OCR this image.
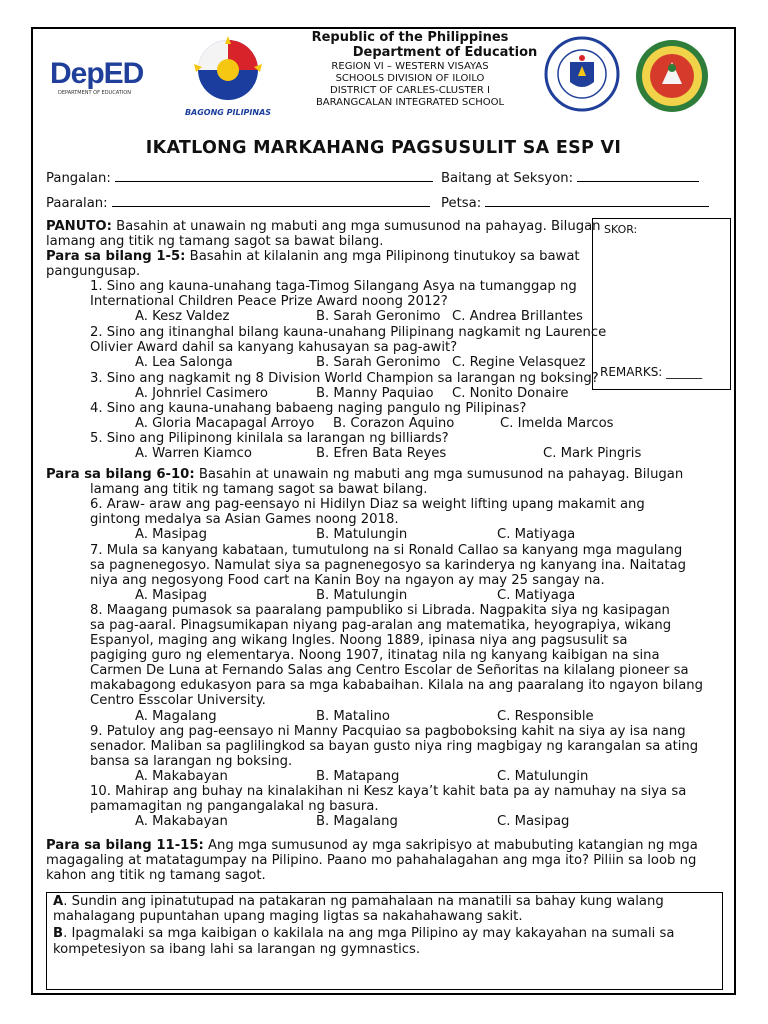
DepED
DEPARTMENT OF EDUCATION
BAGONG PILIPINAS
Republic of the Philippines
Department of Education
REGION VI – WESTERN VISAYAS
SCHOOLS DIVISION OF ILOILO
DISTRICT OF CARLES-CLUSTER I
BARANGCALAN INTEGRATED SCHOOL
IKATLONG MARKAHANG PAGSUSULIT SA ESP VI
Pangalan:	Baitang at Seksyon:
Paaralan:	Petsa:
SKOR:
REMARKS: ______
PANUTO: Basahin at unawain ng mabuti ang mga sumusunod na pahayag. Bilugan
lamang ang titik ng tamang sagot sa bawat bilang.
Para sa bilang 1-5: Basahin at kilalanin ang mga Pilipinong tinutukoy sa bawat
pangungusap.
1. Sino ang kauna-unahang taga-Timog Silangang Asya na tumanggap ng
International Children Peace Prize Award noong 2012?
A. Kesz Valdez	B. Sarah Geronimo C. Andrea Brillantes
2. Sino ang itinanghal bilang kauna-unahang Pilipinang nagkamit ng Laurence
Olivier Award dahil sa kanyang kahusayan sa pag-awit?
A. Lea Salonga	B. Sarah Geronimo C. Regine Velasquez
3. Sino ang nagkamit ng 8 Division World Champion sa larangan ng boksing?
A. Johnriel Casimero	B. Manny Paquiao C. Nonito Donaire
4. Sino ang kauna-unahang babaeng naging pangulo ng Pilipinas?
A. Gloria Macapagal Arroyo B. Corazon Aquino	C. Imelda Marcos
5. Sino ang Pilipinong kinilala sa larangan ng billiards?
A. Warren Kiamco	B. Efren Bata Reyes	C. Mark Pingris
Para sa bilang 6-10: Basahin at unawain ng mabuti ang mga sumusunod na pahayag. Bilugan
lamang ang titik ng tamang sagot sa bawat bilang.
6. Araw- araw ang pag-eensayo ni Hidilyn Diaz sa weight lifting upang makamit ang
gintong medalya sa Asian Games noong 2018.
A. Masipag	B. Matulungin	C. Matiyaga
7. Mula sa kanyang kabataan, tumutulong na si Ronald Callao sa kanyang mga magulang
sa pagnenegosyo. Namulat siya sa pagnenegosyo sa karinderya ng kanyang ina. Naitatag
niya ang negosyong Food cart na Kanin Boy na ngayon ay may 25 sangay na.
A. Masipag	B. Matulungin	C. Matiyaga
8. Maagang pumasok sa paaralang pampubliko si Librada. Nagpakita siya ng kasipagan
sa pag-aaral. Pinagsumikapan niyang pag-aralan ang matematika, heyograpiya, wikang
Espanyol, maging ang wikang Ingles. Noong 1889, ipinasa niya ang pagsusulit sa
pagiging guro ng elementarya. Noong 1907, itinatag nila ng kanyang kaibigan na sina
Carmen De Luna at Fernando Salas ang Centro Escolar de Señoritas na kilalang pioneer sa
makabagong edukasyon para sa mga kababaihan. Kilala na ang paaralang ito ngayon bilang
Centro Esscolar University.
A. Magalang	B. Matalino	C. Responsible
9. Patuloy ang pag-eensayo ni Manny Pacquiao sa pagboboksing kahit na siya ay isa nang
senador. Maliban sa paglilingkod sa bayan gusto niya ring magbigay ng karangalan sa ating
bansa sa larangan ng boksing.
A. Makabayan	B. Matapang	C. Matulungin
10. Mahirap ang buhay na kinalakihan ni Kesz kaya’t kahit bata pa ay namuhay na siya sa
pamamagitan ng pangangalakal ng basura.
A. Makabayan	B. Magalang	C. Masipag
Para sa bilang 11-15: Ang mga sumusunod ay mga sakripisyo at mabubuting katangian ng mga
magagaling at matatagumpay na Pilipino. Paano mo pahahalagahan ang mga ito? Piliin sa loob ng
kahon ang titik ng tamang sagot.
A. Sundin ang ipinatutupad na patakaran ng pamahalaan na manatili sa bahay kung walang
mahalagang pupuntahan upang maging ligtas sa nakahahawang sakit.
B. Ipagmalaki sa mga kaibigan o kakilala na ang mga Pilipino ay may kakayahan na sumali sa
kompetesiyon sa ibang lahi sa larangan ng gymnastics.
